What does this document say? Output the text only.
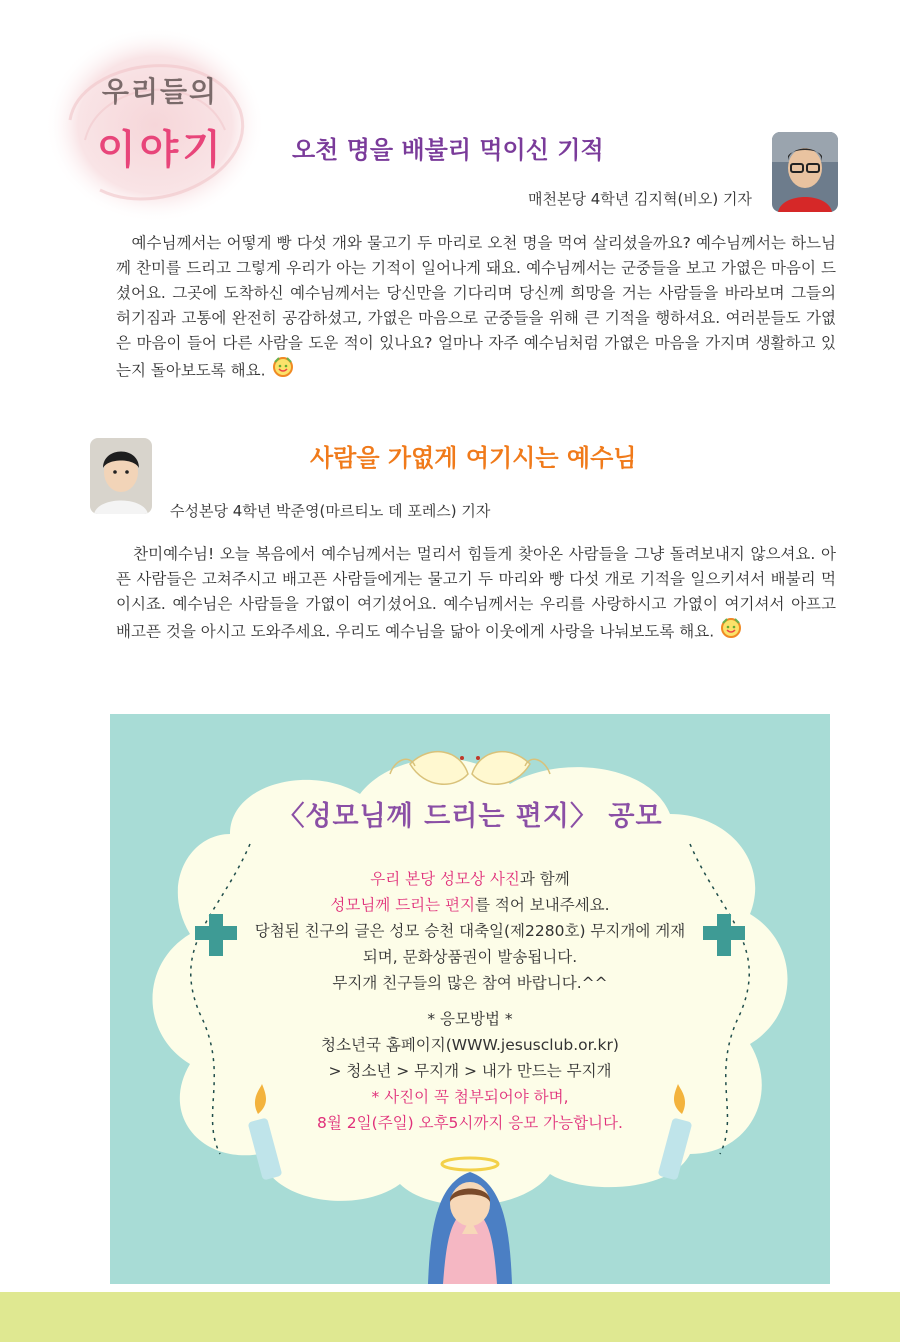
우리들의
이야기	오천 명을 배불리 먹이신 기적
매천본당 4학년 김지혁(비오) 기자

예수님께서는 어떻게 빵 다섯 개와 물고기 두 마리로 오천 명을 먹여 살리셨을까요? 예수님께서는 하느님께 찬미를 드리고 그렇게 우리가 아는 기적이 일어나게 돼요. 예수님께서는 군중들을 보고 가엾은 마음이 드셨어요. 그곳에 도착하신 예수님께서는 당신만을 기다리며 당신께 희망을 거는 사람들을 바라보며 그들의 허기짐과 고통에 완전히 공감하셨고, 가엾은 마음으로 군중들을 위해 큰 기적을 행하셔요. 여러분들도 가엾은 마음이 들어 다른 사람을 도운 적이 있나요? 얼마나 자주 예수님처럼 가엾은 마음을 가지며 생활하고 있는지 돌아보도록 해요.

사람을 가엾게 여기시는 예수님
수성본당 4학년 박준영(마르티노 데 포레스) 기자

찬미예수님! 오늘 복음에서 예수님께서는 멀리서 힘들게 찾아온 사람들을 그냥 돌려보내지 않으셔요. 아픈 사람들은 고쳐주시고 배고픈 사람들에게는 물고기 두 마리와 빵 다섯 개로 기적을 일으키셔서 배불리 먹이시죠. 예수님은 사람들을 가엾이 여기셨어요. 예수님께서는 우리를 사랑하시고 가엾이 여기셔서 아프고 배고픈 것을 아시고 도와주세요. 우리도 예수님을 닮아 이웃에게 사랑을 나눠보도록 해요.

〈성모님께 드리는 편지〉 공모
우리 본당 성모상 사진과 함께
성모님께 드리는 편지를 적어 보내주세요.
당첨된 친구의 글은 성모 승천 대축일(제2280호) 무지개에 게재
되며, 문화상품권이 발송됩니다.
무지개 친구들의 많은 참여 바랍니다.^^
* 응모방법 *
청소년국 홈페이지(WWW.jesusclub.or.kr)
> 청소년 > 무지개 > 내가 만드는 무지개
* 사진이 꼭 첨부되어야 하며,
8월 2일(주일) 오후5시까지 응모 가능합니다.
